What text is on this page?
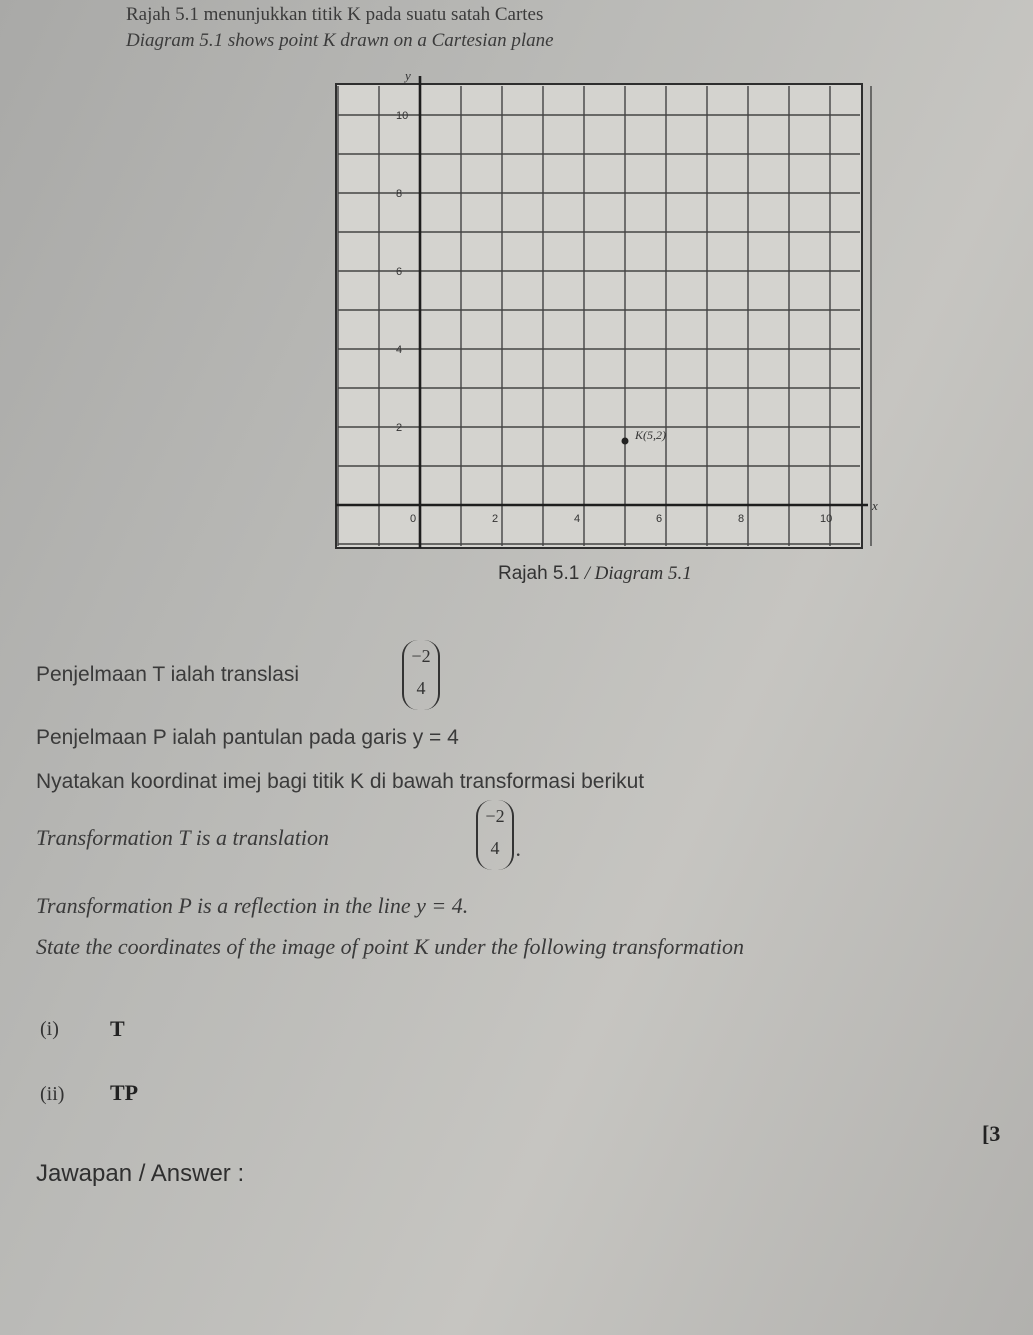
Rajah 5.1 menunjukkan titik K pada suatu satah Cartes
Diagram 5.1 shows point K drawn on a Cartesian plane
x
y
0	2	4	6	8	10
2
4
6
8
10
K(5,2)
Rajah 5.1 / Diagram 5.1
Penjelmaan T ialah translasi
−2
4
Penjelmaan P ialah pantulan pada garis y = 4
Nyatakan koordinat imej bagi titik K di bawah transformasi berikut
Transformation T is a translation
−2
4 .
Transformation P is a reflection in the line y = 4.
State the coordinates of the image of point K under the following transformation
(i) T
(ii) TP
[3
Jawapan / Answer :
